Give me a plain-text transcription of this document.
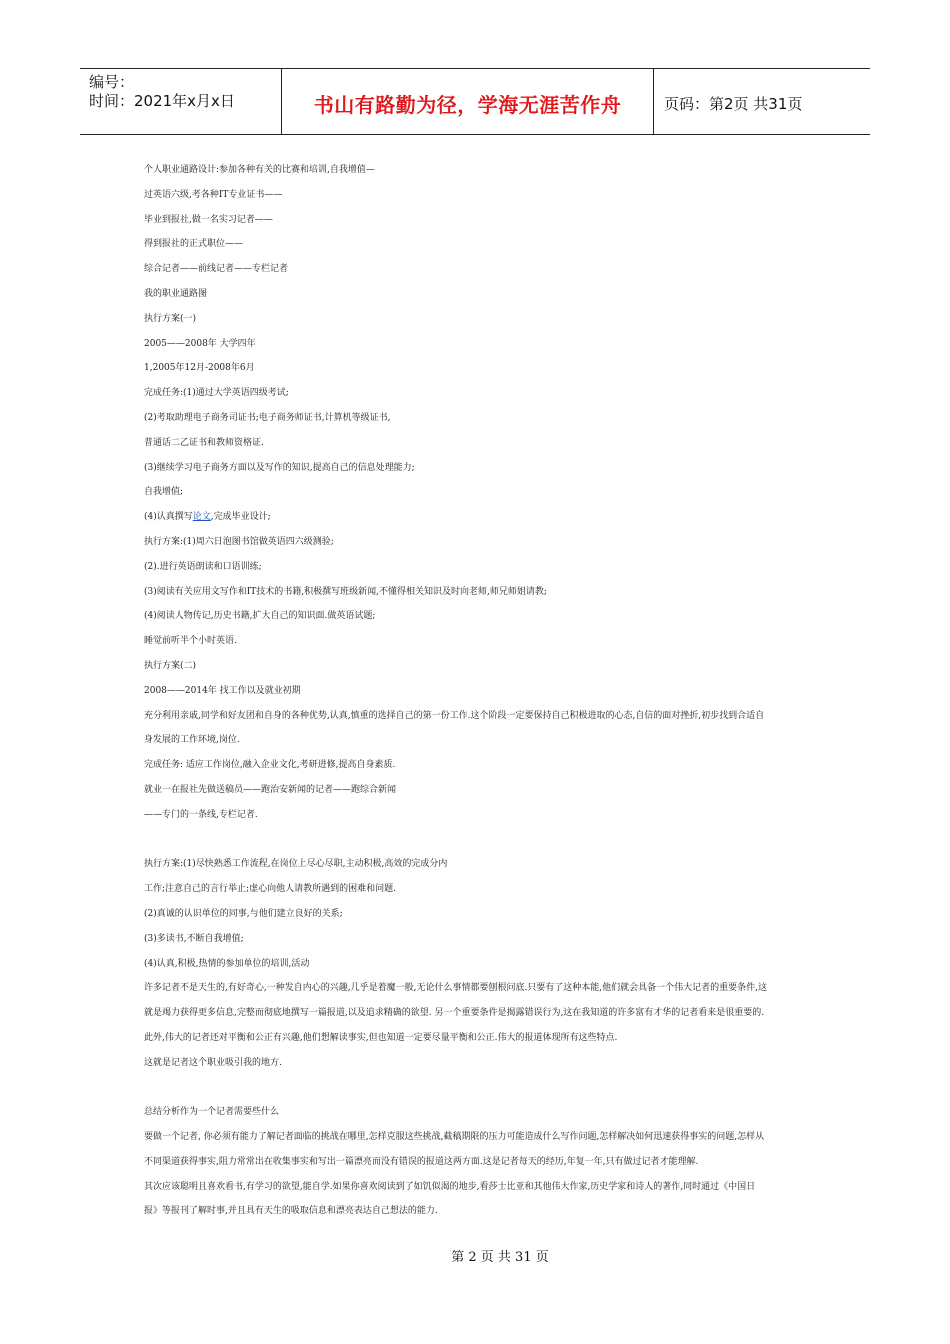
编号：
时间：2021年x月x日	书山有路勤为径，学海无涯苦作舟	页码：第2页 共31页

个人职业通路设计:参加各种有关的比赛和培训,自我增值—

过英语六级,考各种IT专业证书——

毕业到报社,做一名实习记者——

得到报社的正式职位——

综合记者——前线记者——专栏记者

我的职业通路图

执行方案(一)

2005——2008年 大学四年

1,2005年12月-2008年6月

完成任务:(1)通过大学英语四级考试;

(2)考取助理电子商务司证书;电子商务师证书,计算机等级证书,

普通话二乙证书和教师资格证.

(3)继续学习电子商务方面以及写作的知识,提高自己的信息处理能力;

自我增值;

(4)认真撰写论文,完成毕业设计;

执行方案:(1)周六日泡图书馆做英语四六级测验;

(2).进行英语朗读和口语训练;

(3)阅读有关应用文写作和IT技术的书籍,积极撰写班级新闻,不懂得相关知识及时向老师,师兄师姐请教;

(4)阅读人物传记,历史书籍,扩大自己的知识面.做英语试题;

睡觉前听半个小时英语.

执行方案(二)

2008——2014年 找工作以及就业初期

充分利用亲戚,同学和好友团和自身的各种优势,认真,慎重的选择自己的第一份工作.这个阶段一定要保持自己积极进取的心态,自信的面对挫折,初步找到合适自

身发展的工作环境,岗位.

完成任务: 适应工作岗位,融入企业文化,考研进修,提高自身素质.

就业一在报社先做送稿员——跑治安新闻的记者——跑综合新闻

——专门的一条线,专栏记者.

执行方案:(1)尽快熟悉工作流程,在岗位上尽心尽职,主动积极,高效的完成分内

工作;注意自己的言行举止;虚心向他人请教所遇到的困难和问题.

(2)真诚的认识单位的同事,与他们建立良好的关系;

(3)多读书,不断自我增值;

(4)认真,积极,热情的参加单位的培训,活动

许多记者不是天生的,有好奇心,一种发自内心的兴趣,几乎是着魔一般,无论什么事情都要刨根问底.只要有了这种本能,他们就会具备一个伟大记者的重要条件,这

就是竭力获得更多信息,完整而彻底地撰写一篇报道,以及追求精确的欲望. 另一个重要条件是揭露错误行为,这在我知道的许多富有才华的记者看来是很重要的.

此外,伟大的记者还对平衡和公正有兴趣,他们想解读事实,但也知道一定要尽量平衡和公正.伟大的报道体现所有这些特点.

这就是记者这个职业吸引我的地方.

总结分析作为一个记者需要些什么

要做一个记者, 你必须有能力了解记者面临的挑战在哪里,怎样克服这些挑战,截稿期限的压力可能造成什么写作问题,怎样解决如何迅速获得事实的问题,怎样从

不同渠道获得事实,阻力常常出在收集事实和写出一篇漂亮而没有错误的报道这两方面.这是记者每天的经历,年复一年,只有做过记者才能理解.

其次应该聪明且喜欢看书,有学习的欲望,能自学.如果你喜欢阅读到了如饥似渴的地步,看莎士比亚和其他伟大作家,历史学家和诗人的著作,同时通过《中国日

报》等报刊了解时事,并且具有天生的吸取信息和漂亮表达自己想法的能力.

第 2 页 共 31 页
